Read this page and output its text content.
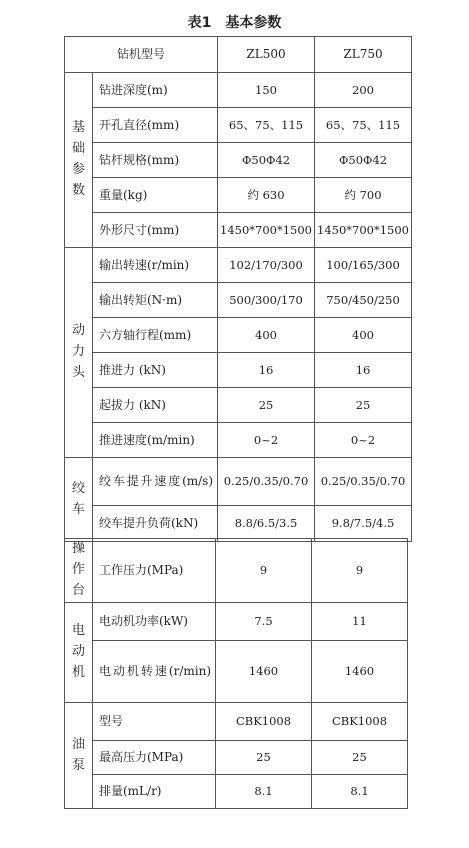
表1　基本参数
钻机型号		ZL500	ZL750
基础参数	钻进深度(m)	150	200
	开孔直径(mm)	65、75、115	65、75、115
	钻杆规格(mm)	Φ50Φ42	Φ50Φ42
	重量(kg)	约 630	约 700
	外形尺寸(mm)	1450*700*1500	1450*700*1500
动力头	输出转速(r/min)	102/170/300	100/165/300
	输出转矩(N·m)	500/300/170	750/450/250
	六方轴行程(mm)	400	400
	推进力 (kN)	16	16
	起拔力 (kN)	25	25
	推进速度(m/min)	0~2	0~2
绞车	绞车提升速度(m/s)	0.25/0.35/0.70	0.25/0.35/0.70
	绞车提升负荷(kN)	8.8/6.5/3.5	9.8/7.5/4.5
操作台	工作压力(MPa)	9	9
电动机	电动机功率(kW)	7.5	11
	电动机转速(r/min)	1460	1460
油泵	型号	CBK1008	CBK1008
	最高压力(MPa)	25	25
	排量(mL/r)	8.1	8.1
